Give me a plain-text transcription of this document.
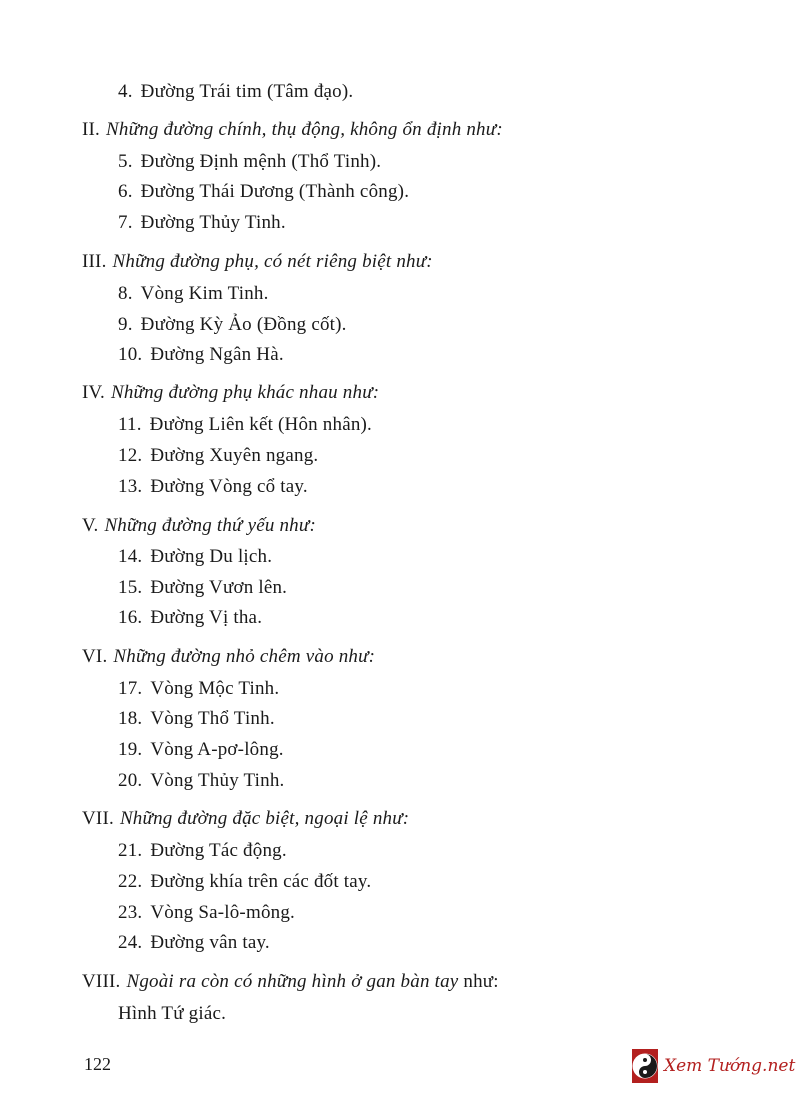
4. Đường Trái tim (Tâm đạo).
II. Những đường chính, thụ động, không ổn định như:
5. Đường Định mệnh (Thổ Tinh).
6. Đường Thái Dương (Thành công).
7. Đường Thủy Tinh.
III. Những đường phụ, có nét riêng biệt như:
8. Vòng Kim Tinh.
9. Đường Kỳ Ảo (Đồng cốt).
10. Đường Ngân Hà.
IV. Những đường phụ khác nhau như:
11. Đường Liên kết (Hôn nhân).
12. Đường Xuyên ngang.
13. Đường Vòng cổ tay.
V. Những đường thứ yếu như:
14. Đường Du lịch.
15. Đường Vươn lên.
16. Đường Vị tha.
VI. Những đường nhỏ chêm vào như:
17. Vòng Mộc Tinh.
18. Vòng Thổ Tinh.
19. Vòng A-pơ-lông.
20. Vòng Thủy Tinh.
VII. Những đường đặc biệt, ngoại lệ như:
21. Đường Tác động.
22. Đường khía trên các đốt tay.
23. Vòng Sa-lô-mông.
24. Đường vân tay.
VIII. Ngoài ra còn có những hình ở gan bàn tay như:
Hình Tứ giác.
122	Xem Tướng.net
